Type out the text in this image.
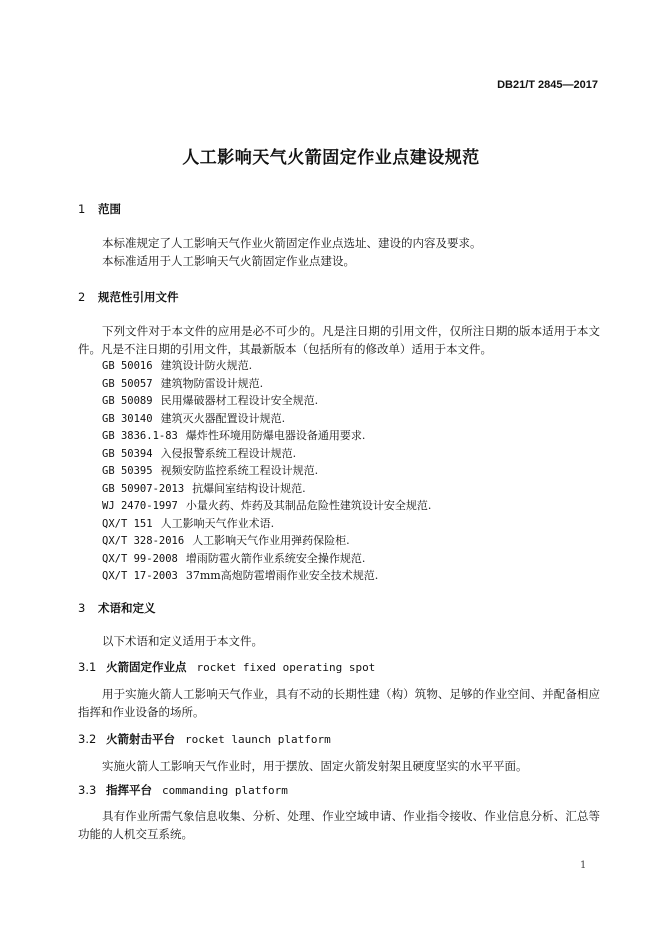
DB21/T 2845—2017
人工影响天气火箭固定作业点建设规范
1 范围
本标准规定了人工影响天气作业火箭固定作业点选址、建设的内容及要求。
本标准适用于人工影响天气火箭固定作业点建设。
2 规范性引用文件
下列文件对于本文件的应用是必不可少的。凡是注日期的引用文件，仅所注日期的版本适用于本文件。凡是不注日期的引用文件，其最新版本（包括所有的修改单）适用于本文件。
GB 50016 建筑设计防火规范.
GB 50057 建筑物防雷设计规范.
GB 50089 民用爆破器材工程设计安全规范.
GB 30140 建筑灭火器配置设计规范.
GB 3836.1-83 爆炸性环境用防爆电器设备通用要求.
GB 50394 入侵报警系统工程设计规范.
GB 50395 视频安防监控系统工程设计规范.
GB 50907-2013 抗爆间室结构设计规范.
WJ 2470-1997 小量火药、炸药及其制品危险性建筑设计安全规范.
QX/T 151 人工影响天气作业术语.
QX/T 328-2016 人工影响天气作业用弹药保险柜.
QX/T 99-2008 增雨防雹火箭作业系统安全操作规范.
QX/T 17-2003 37mm高炮防雹增雨作业安全技术规范.
3 术语和定义
以下术语和定义适用于本文件。
3.1 火箭固定作业点 rocket fixed operating spot
用于实施火箭人工影响天气作业，具有不动的长期性建（构）筑物、足够的作业空间、并配备相应指挥和作业设备的场所。
3.2 火箭射击平台 rocket launch platform
实施火箭人工影响天气作业时，用于摆放、固定火箭发射架且硬度坚实的水平平面。
3.3 指挥平台 commanding platform
具有作业所需气象信息收集、分析、处理、作业空域申请、作业指令接收、作业信息分析、汇总等功能的人机交互系统。
1
